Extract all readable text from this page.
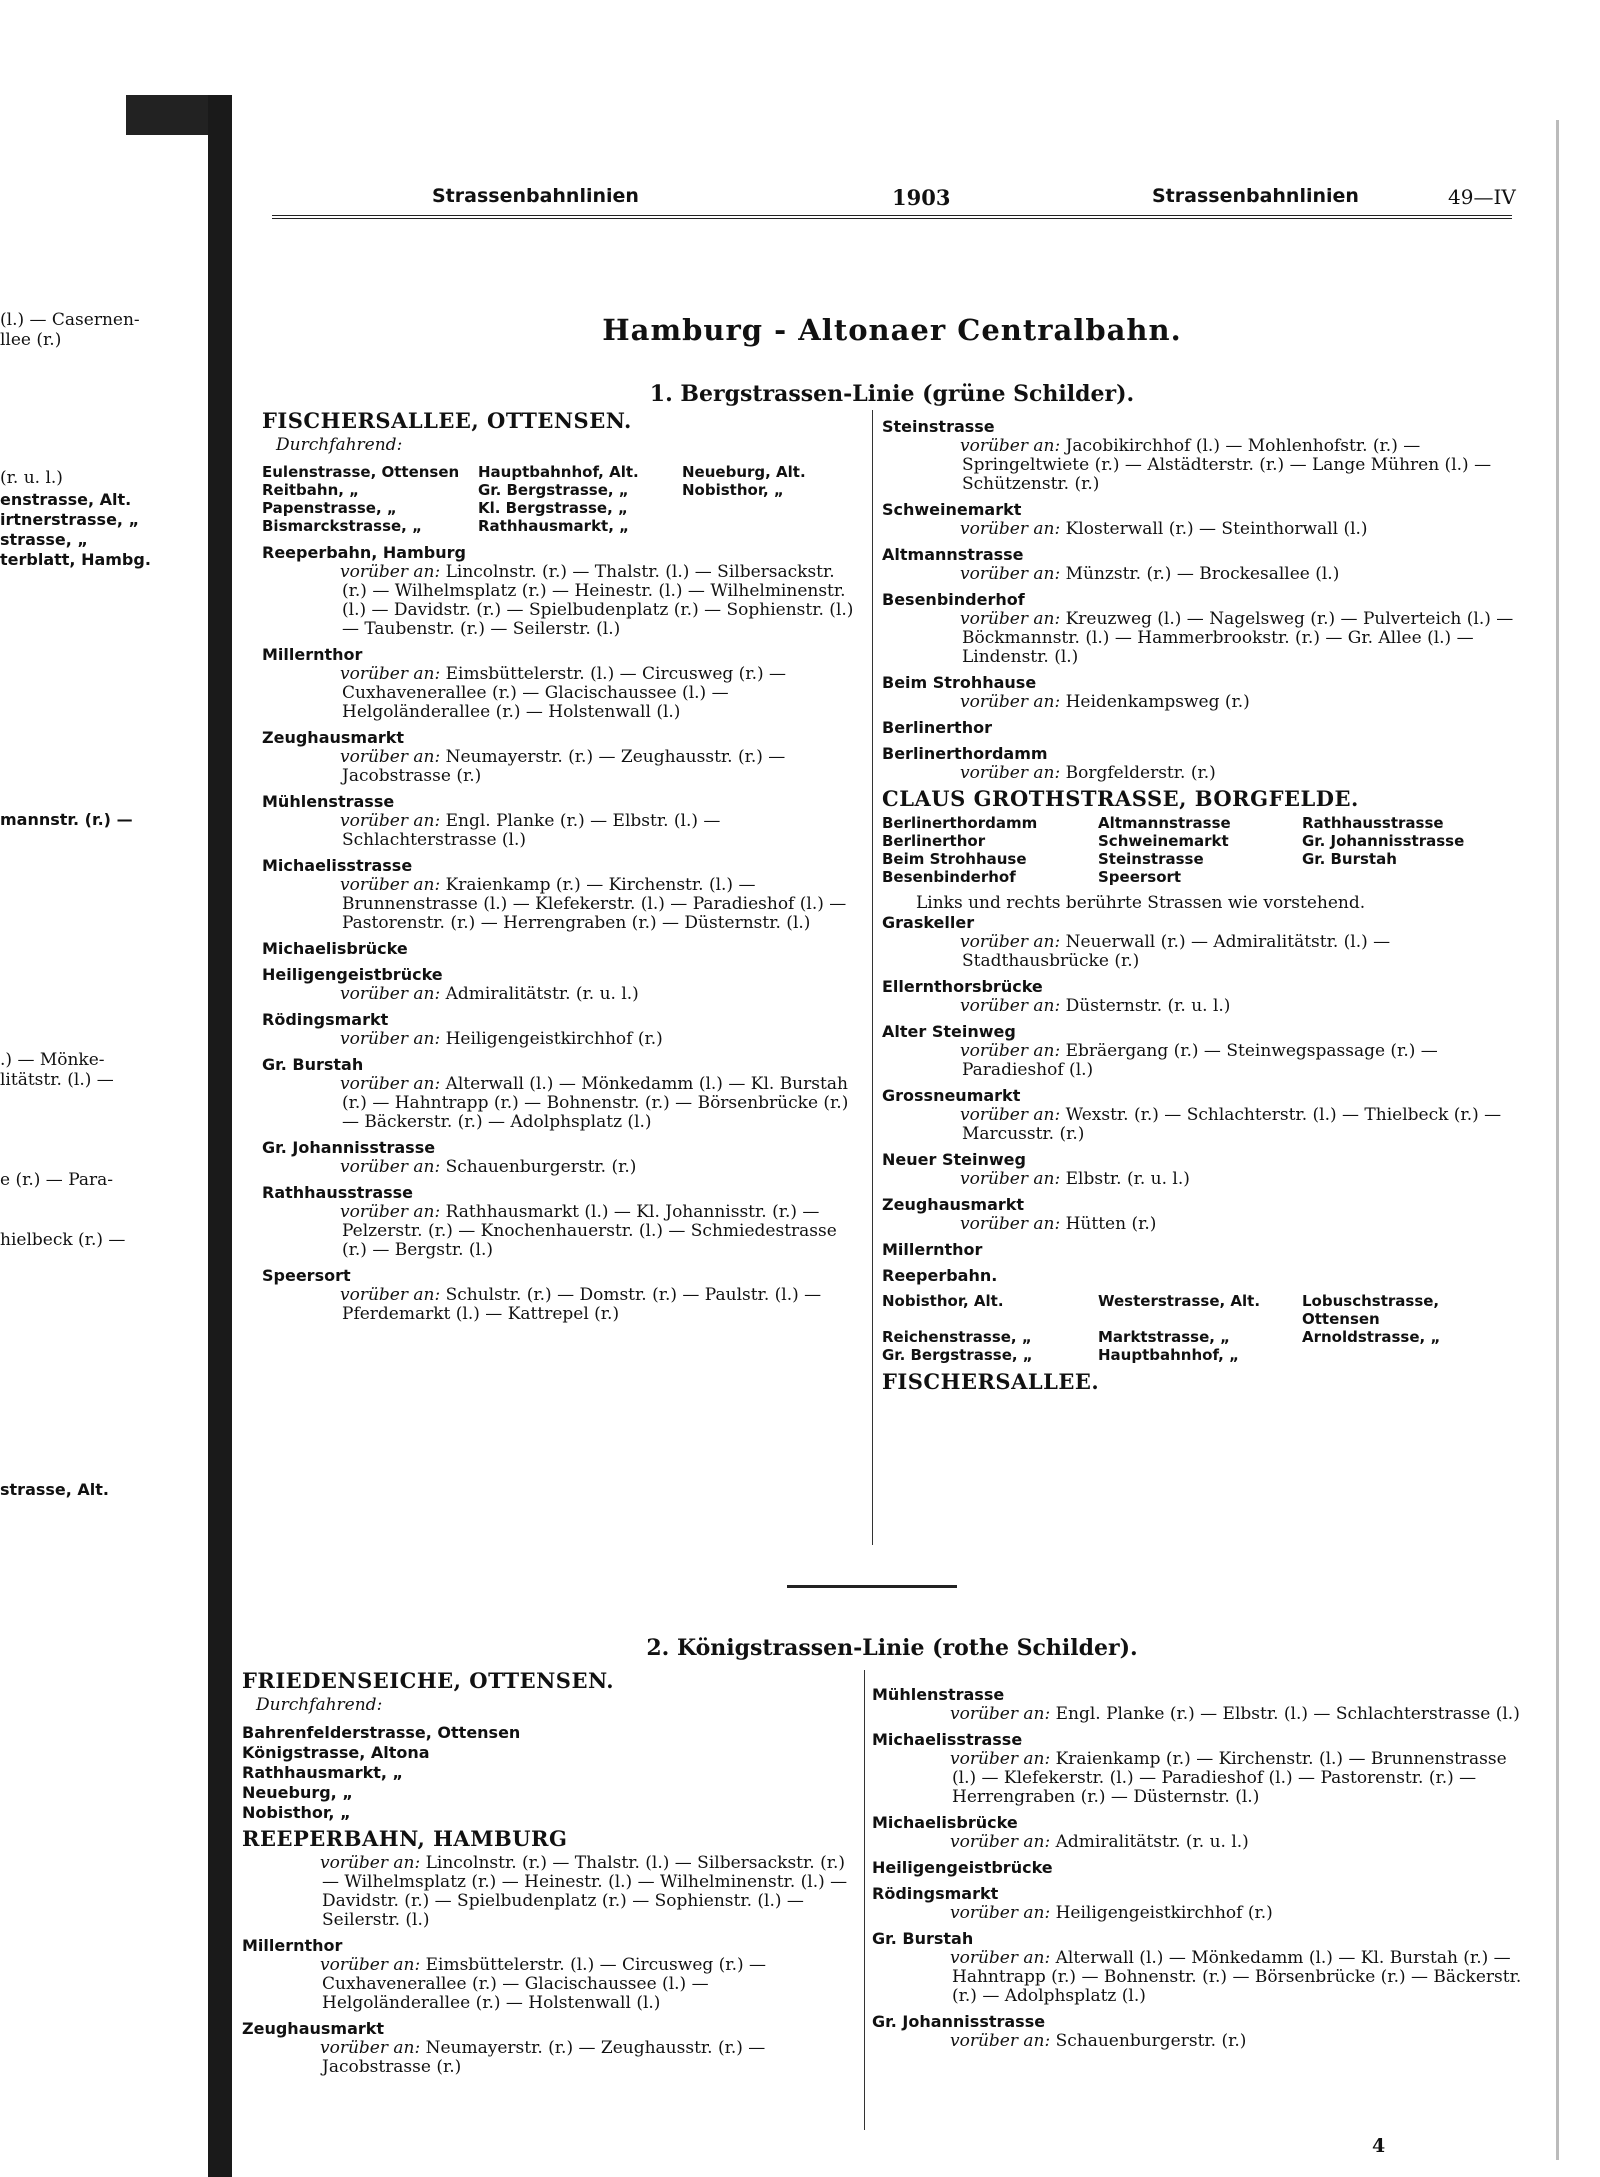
(l.) — Casernen-
llee (r.)
(r. u. l.)
enstrasse, Alt.
irtnerstrasse, „
strasse, „
terblatt, Hambg.
mannstr. (r.) —
.) — Mönke-
litätstr. (l.) —
e (r.) — Para-
hielbeck (r.) —
strasse, Alt.
Strassenbahnlinien	1903	Strassenbahnlinien	49—IV
Hamburg - Altonaer Centralbahn.
1. Bergstrassen-Linie (grüne Schilder).
FISCHERSALLEE, OTTENSEN.
Durchfahrend:
Eulenstrasse, Ottensen	Hauptbahnhof, Alt.	Neueburg, Alt.
Reitbahn, „	Gr. Bergstrasse, „	Nobisthor, „
Papenstrasse, „	Kl. Bergstrasse, „
Bismarckstrasse, „	Rathhausmarkt, „
Reeperbahn, Hamburg
vorüber an: Lincolnstr. (r.) — Thalstr. (l.) — Silbersackstr. (r.) — Wilhelmsplatz (r.) — Heinestr. (l.) — Wilhelminenstr. (l.) — Davidstr. (r.) — Spielbudenplatz (r.) — Sophienstr. (l.) — Taubenstr. (r.) — Seilerstr. (l.)
Millernthor
vorüber an: Eimsbüttelerstr. (l.) — Circusweg (r.) — Cuxhavenerallee (r.) — Glacischaussee (l.) — Helgoländerallee (r.) — Holstenwall (l.)
Zeughausmarkt
vorüber an: Neumayerstr. (r.) — Zeughausstr. (r.) — Jacobstrasse (r.)
Mühlenstrasse
vorüber an: Engl. Planke (r.) — Elbstr. (l.) — Schlachterstrasse (l.)
Michaelisstrasse
vorüber an: Kraienkamp (r.) — Kirchenstr. (l.) — Brunnenstrasse (l.) — Klefekerstr. (l.) — Paradieshof (l.) — Pastorenstr. (r.) — Herrengraben (r.) — Düsternstr. (l.)
Michaelisbrücke
Heiligengeistbrücke
vorüber an: Admiralitätstr. (r. u. l.)
Rödingsmarkt
vorüber an: Heiligengeistkirchhof (r.)
Gr. Burstah
vorüber an: Alterwall (l.) — Mönkedamm (l.) — Kl. Burstah (r.) — Hahntrapp (r.) — Bohnenstr. (r.) — Börsenbrücke (r.) — Bäckerstr. (r.) — Adolphsplatz (l.)
Gr. Johannisstrasse
vorüber an: Schauenburgerstr. (r.)
Rathhausstrasse
vorüber an: Rathhausmarkt (l.) — Kl. Johannisstr. (r.) — Pelzerstr. (r.) — Knochenhauerstr. (l.) — Schmiedestrasse (r.) — Bergstr. (l.)
Speersort
vorüber an: Schulstr. (r.) — Domstr. (r.) — Paulstr. (l.) — Pferdemarkt (l.) — Kattrepel (r.)
Steinstrasse
vorüber an: Jacobikirchhof (l.) — Mohlenhofstr. (r.) — Springeltwiete (r.) — Alstädterstr. (r.) — Lange Mühren (l.) — Schützenstr. (r.)
Schweinemarkt
vorüber an: Klosterwall (r.) — Steinthorwall (l.)
Altmannstrasse
vorüber an: Münzstr. (r.) — Brockesallee (l.)
Besenbinderhof
vorüber an: Kreuzweg (l.) — Nagelsweg (r.) — Pulverteich (l.) — Böckmannstr. (l.) — Hammerbrookstr. (r.) — Gr. Allee (l.) — Lindenstr. (l.)
Beim Strohhause
vorüber an: Heidenkampsweg (r.)
Berlinerthor
Berlinerthordamm
vorüber an: Borgfelderstr. (r.)
CLAUS GROTHSTRASSE, BORGFELDE.
Berlinerthordamm	Altmannstrasse	Rathhausstrasse
Berlinerthor	Schweinemarkt	Gr. Johannisstrasse
Beim Strohhause	Steinstrasse	Gr. Burstah
Besenbinderhof	Speersort
Links und rechts berührte Strassen wie vorstehend.
Graskeller
vorüber an: Neuerwall (r.) — Admiralitätstr. (l.) — Stadthausbrücke (r.)
Ellernthorsbrücke
vorüber an: Düsternstr. (r. u. l.)
Alter Steinweg
vorüber an: Ebräergang (r.) — Steinwegspassage (r.) — Paradieshof (l.)
Grossneumarkt
vorüber an: Wexstr. (r.) — Schlachterstr. (l.) — Thielbeck (r.) — Marcusstr. (r.)
Neuer Steinweg
vorüber an: Elbstr. (r. u. l.)
Zeughausmarkt
vorüber an: Hütten (r.)
Millernthor
Reeperbahn.
Nobisthor, Alt.	Westerstrasse, Alt.	Lobuschstrasse, Ottensen
Reichenstrasse, „	Marktstrasse, „	Arnoldstrasse, „
Gr. Bergstrasse, „	Hauptbahnhof, „
FISCHERSALLEE.
2. Königstrassen-Linie (rothe Schilder).
FRIEDENSEICHE, OTTENSEN.
Durchfahrend:
Bahrenfelderstrasse, Ottensen
Königstrasse, Altona
Rathhausmarkt, „
Neueburg, „
Nobisthor, „
REEPERBAHN, HAMBURG
vorüber an: Lincolnstr. (r.) — Thalstr. (l.) — Silbersackstr. (r.) — Wilhelmsplatz (r.) — Heinestr. (l.) — Wilhelminenstr. (l.) — Davidstr. (r.) — Spielbudenplatz (r.) — Sophienstr. (l.) — Seilerstr. (l.)
Millernthor
vorüber an: Eimsbüttelerstr. (l.) — Circusweg (r.) — Cuxhavenerallee (r.) — Glacischaussee (l.) — Helgoländerallee (r.) — Holstenwall (l.)
Zeughausmarkt
vorüber an: Neumayerstr. (r.) — Zeughausstr. (r.) — Jacobstrasse (r.)
Mühlenstrasse
vorüber an: Engl. Planke (r.) — Elbstr. (l.) — Schlachterstrasse (l.)
Michaelisstrasse
vorüber an: Kraienkamp (r.) — Kirchenstr. (l.) — Brunnenstrasse (l.) — Klefekerstr. (l.) — Paradieshof (l.) — Pastorenstr. (r.) — Herrengraben (r.) — Düsternstr. (l.)
Michaelisbrücke
vorüber an: Admiralitätstr. (r. u. l.)
Heiligengeistbrücke
Rödingsmarkt
vorüber an: Heiligengeistkirchhof (r.)
Gr. Burstah
vorüber an: Alterwall (l.) — Mönkedamm (l.) — Kl. Burstah (r.) — Hahntrapp (r.) — Bohnenstr. (r.) — Börsenbrücke (r.) — Bäckerstr. (r.) — Adolphsplatz (l.)
Gr. Johannisstrasse
vorüber an: Schauenburgerstr. (r.)
4
